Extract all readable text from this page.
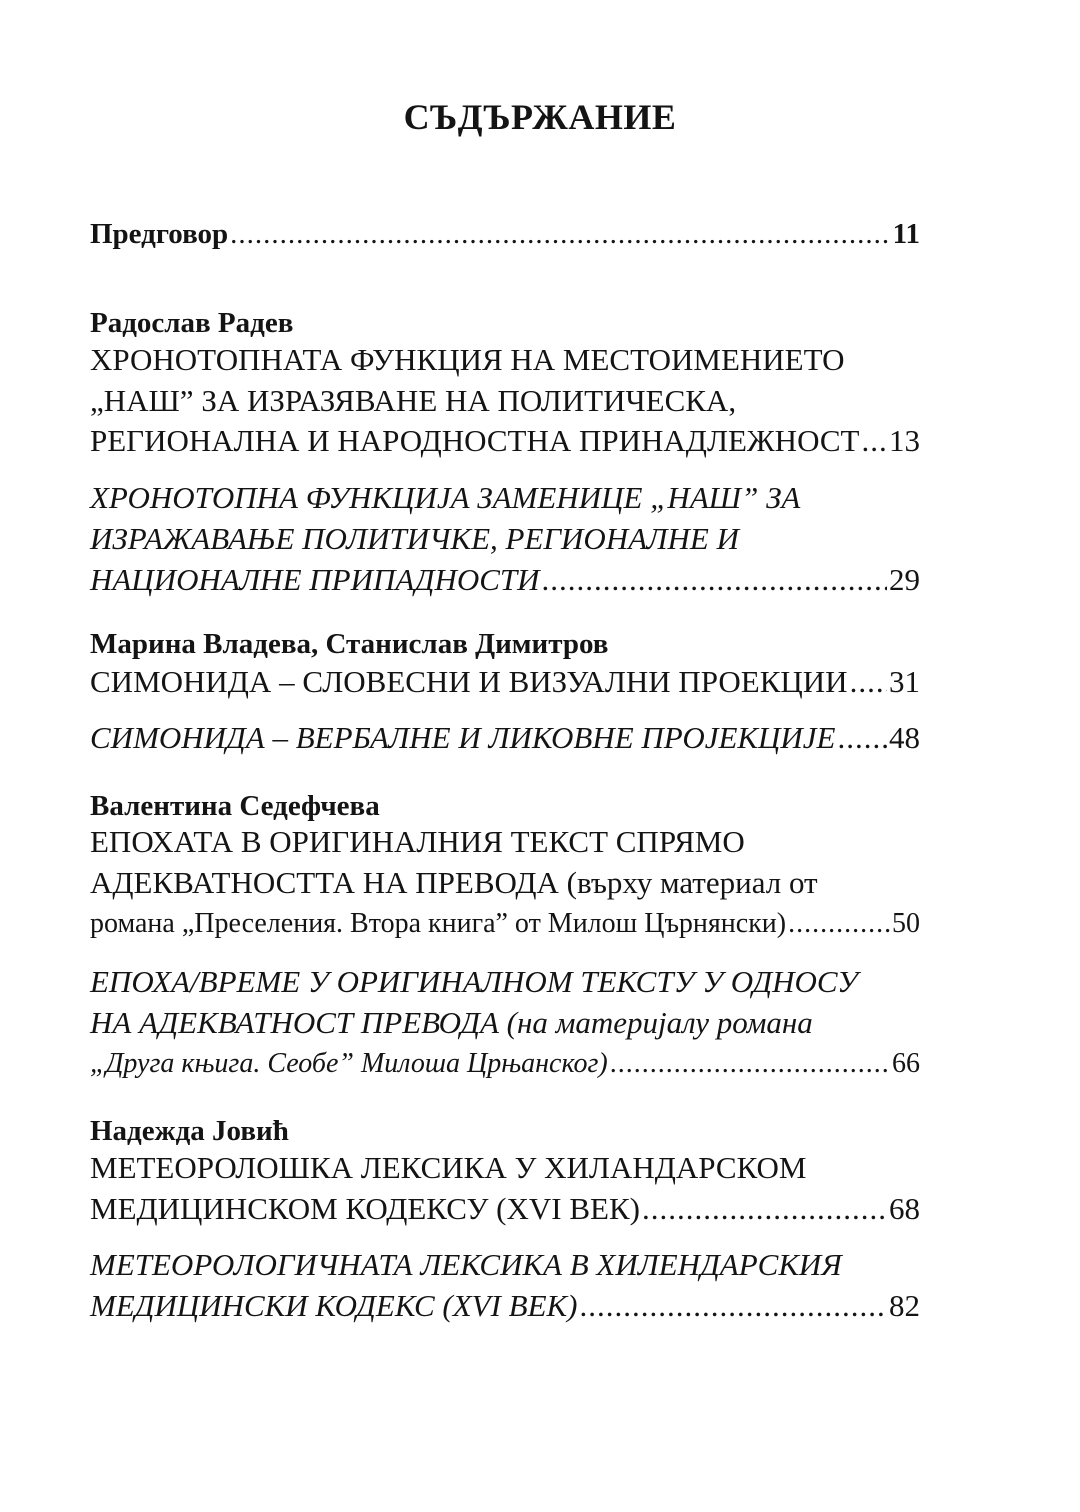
СЪДЪРЖАНИЕ
Предговор .....	11
Радослав Радев
ХРОНОТОПНАТА ФУНКЦИЯ НА МЕСТОИМЕНИЕТО
„НАШ” ЗА ИЗРАЗЯВАНЕ НА ПОЛИТИЧЕСКА,
РЕГИОНАЛНА И НАРОДНОСТНА ПРИНАДЛЕЖНОСТ ..... 13
ХРОНОТОПНА ФУНКЦИЈА ЗАМЕНИЦЕ „НАШ” ЗА
ИЗРАЖАВАЊЕ ПОЛИТИЧКЕ, РЕГИОНАЛНЕ И
НАЦИОНАЛНЕ ПРИПАДНОСТИ .....	29
Марина Владева, Станислав Димитров
СИМОНИДА – СЛОВЕСНИ И ВИЗУАЛНИ ПРОЕКЦИИ ..... 31
СИМОНИДА – ВЕРБАЛНЕ И ЛИКОВНЕ ПРОЈЕКЦИЈЕ ..... 48
Валентина Седефчева
ЕПОХАТА В ОРИГИНАЛНИЯ ТЕКСТ СПРЯМО
АДЕКВАТНОСТТА НА ПРЕВОДА (върху материал от
романа „Преселения. Втора книга” от Милош Църнянски) .....	50
ЕПОХА/ВРЕМЕ У ОРИГИНАЛНОМ ТЕКСТУ У ОДНОСУ
НА АДЕКВАТНОСТ ПРЕВОДА (на материјалу романа
„Друга књига. Сеобе” Милоша Црњанског) .....	66
Надежда Јовић
МЕТЕОРОЛОШКА ЛЕКСИКА У ХИЛАНДАРСКОМ
МЕДИЦИНСКОМ КОДЕКСУ (XVI ВЕК) .....	68
МЕТЕОРОЛОГИЧНАТА ЛЕКСИКА В ХИЛЕНДАРСКИЯ
МЕДИЦИНСКИ КОДЕКС (XVI ВЕК) .....	82
